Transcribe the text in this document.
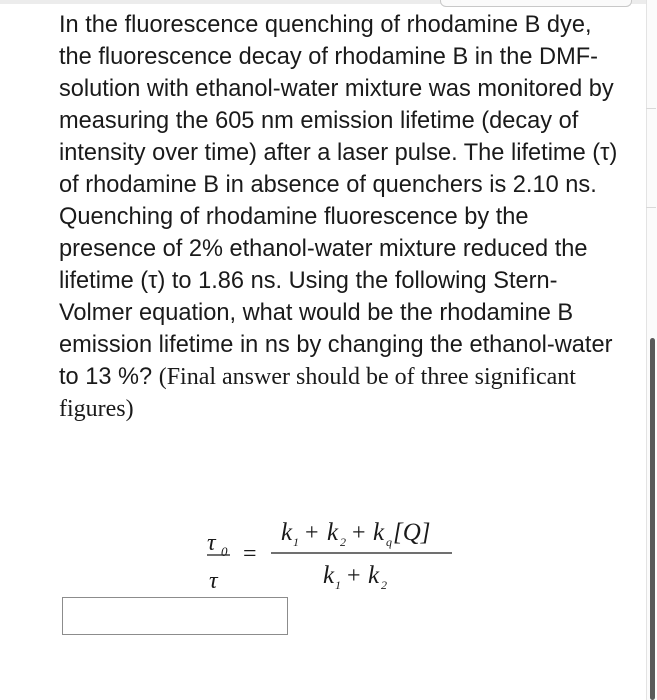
In the fluorescence quenching of rhodamine B dye, the fluorescence decay of rhodamine B in the DMF-solution with ethanol-water mixture was monitored by measuring the 605 nm emission lifetime (decay of intensity over time) after a laser pulse. The lifetime (τ) of rhodamine B in absence of quenchers is 2.10 ns. Quenching of rhodamine fluorescence by the presence of 2% ethanol-water mixture reduced the lifetime (τ) to 1.86 ns. Using the following Stern-Volmer equation, what would be the rhodamine B emission lifetime in ns by changing the ethanol-water to 13 %? (Final answer should be of three significant figures)
τ 0
τ
=
k 1 + k 2 + k q [Q]
k 1 + k 2
